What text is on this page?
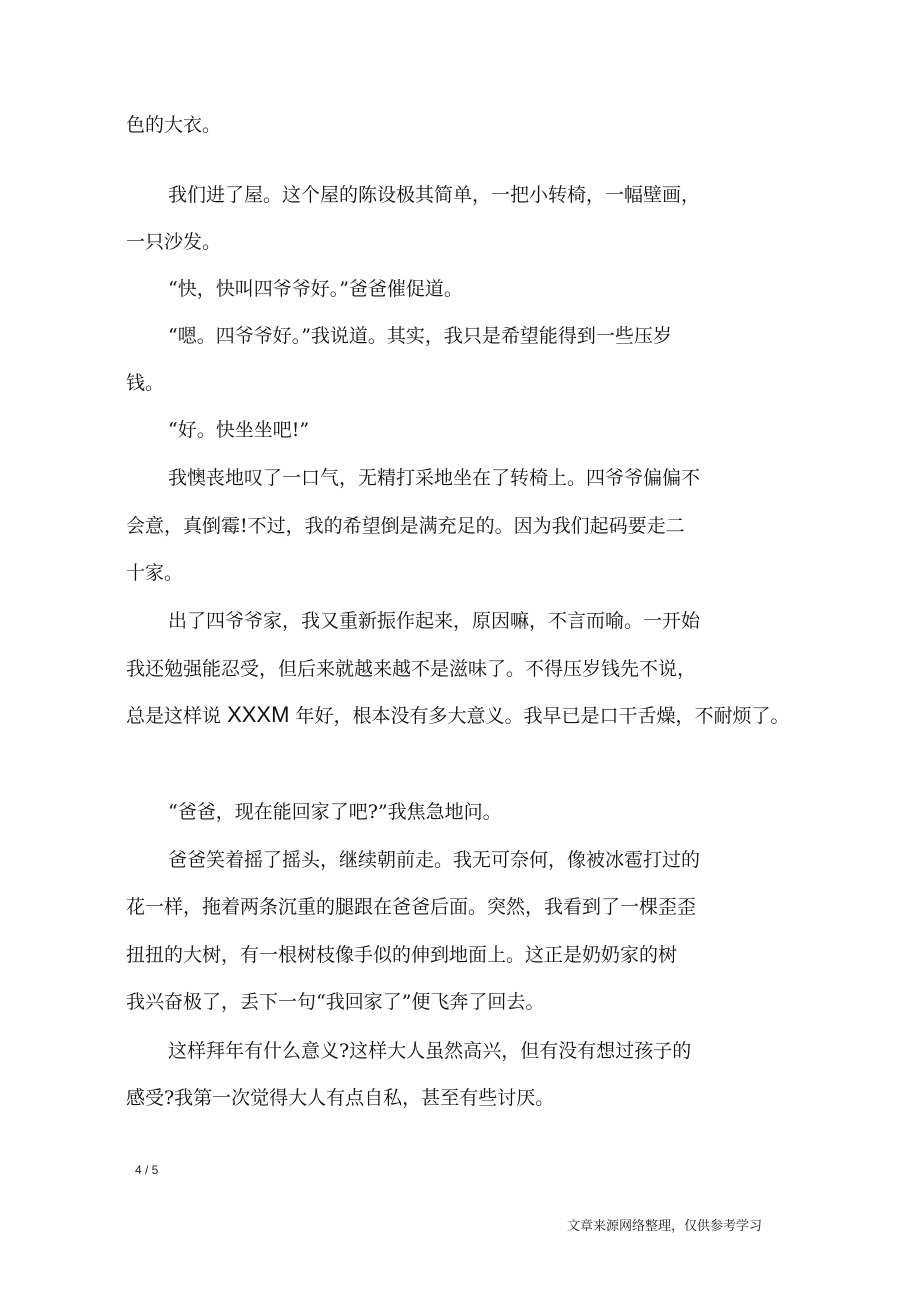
色的大衣。
我们进了屋。这个屋的陈设极其简单，一把小转椅，一幅壁画，
一只沙发。
“快，快叫四爷爷好。”爸爸催促道。
“嗯。四爷爷好。”我说道。其实，我只是希望能得到一些压岁
钱。
“好。快坐坐吧!”
我懊丧地叹了一口气，无精打采地坐在了转椅上。四爷爷偏偏不
会意，真倒霉!不过，我的希望倒是满充足的。因为我们起码要走二
十家。
出了四爷爷家，我又重新振作起来，原因嘛，不言而喻。一开始
我还勉强能忍受，但后来就越来越不是滋味了。不得压岁钱先不说，
总是这样说 XXXM 年好，根本没有多大意义。我早已是口干舌燥，不耐烦了。
“爸爸，现在能回家了吧?”我焦急地问。
爸爸笑着摇了摇头，继续朝前走。我无可奈何，像被冰雹打过的
花一样，拖着两条沉重的腿跟在爸爸后面。突然，我看到了一棵歪歪
扭扭的大树，有一根树枝像手似的伸到地面上。这正是奶奶家的树
我兴奋极了，丢下一句“我回家了”便飞奔了回去。
这样拜年有什么意义?这样大人虽然高兴，但有没有想过孩子的
感受?我第一次觉得大人有点自私，甚至有些讨厌。
4 / 5
文章来源网络整理，仅供参考学习
